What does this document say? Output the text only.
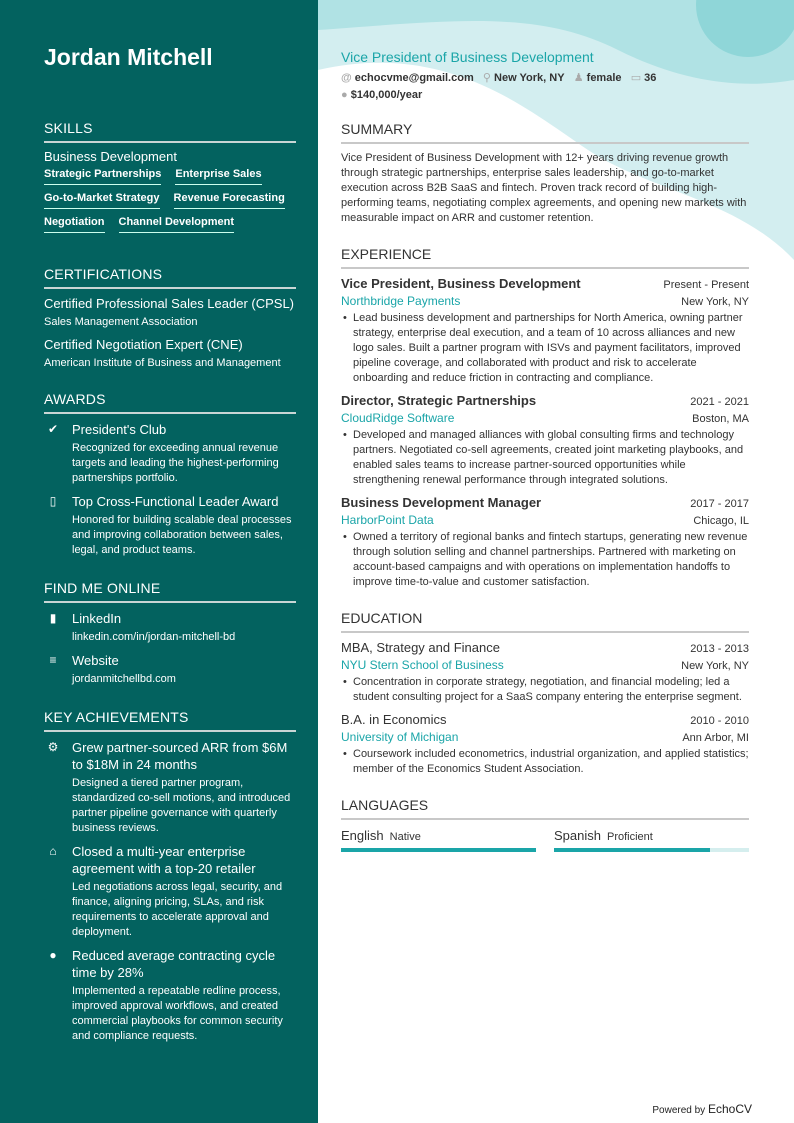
Jordan Mitchell
SKILLS
Business Development
Strategic Partnerships Enterprise Sales
Go-to-Market Strategy Revenue Forecasting
Negotiation Channel Development
CERTIFICATIONS
Certified Professional Sales Leader (CPSL)
Sales Management Association
Certified Negotiation Expert (CNE)
American Institute of Business and Management
AWARDS
✔ President's Club
Recognized for exceeding annual revenue targets and leading the highest-performing partnerships portfolio.
▯ Top Cross-Functional Leader Award
Honored for building scalable deal processes and improving collaboration between sales, legal, and product teams.
FIND ME ONLINE
▮ LinkedIn
linkedin.com/in/jordan-mitchell-bd
≡ Website
jordanmitchellbd.com
KEY ACHIEVEMENTS
⚙ Grew partner-sourced ARR from $6M to $18M in 24 months
Designed a tiered partner program, standardized co-sell motions, and introduced partner pipeline governance with quarterly business reviews.
⌂ Closed a multi-year enterprise agreement with a top-20 retailer
Led negotiations across legal, security, and finance, aligning pricing, SLAs, and risk requirements to accelerate approval and deployment.
● Reduced average contracting cycle time by 28%
Implemented a repeatable redline process, improved approval workflows, and created commercial playbooks for common security and compliance requests.
Vice President of Business Development
@ echocvme@gmail.com ⚲ New York, NY ♟ female ▭ 36
● $140,000/year
SUMMARY
Vice President of Business Development with 12+ years driving revenue growth through strategic partnerships, enterprise sales leadership, and go-to-market execution across B2B SaaS and fintech. Proven track record of building high-performing teams, negotiating complex agreements, and opening new markets with measurable impact on ARR and customer retention.
EXPERIENCE
Vice President, Business Development	Present - Present
Northbridge Payments	New York, NY
• Lead business development and partnerships for North America, owning partner strategy, enterprise deal execution, and a team of 10 across alliances and new logo sales. Built a partner program with ISVs and payment facilitators, improved pipeline coverage, and collaborated with product and risk to accelerate onboarding and reduce friction in contracting and compliance.
Director, Strategic Partnerships	2021 - 2021
CloudRidge Software	Boston, MA
• Developed and managed alliances with global consulting firms and technology partners. Negotiated co-sell agreements, created joint marketing playbooks, and enabled sales teams to increase partner-sourced opportunities while strengthening renewal performance through integrated solutions.
Business Development Manager	2017 - 2017
HarborPoint Data	Chicago, IL
• Owned a territory of regional banks and fintech startups, generating new revenue through solution selling and channel partnerships. Partnered with marketing on account-based campaigns and with operations on implementation handoffs to improve time-to-value and customer satisfaction.
EDUCATION
MBA, Strategy and Finance	2013 - 2013
NYU Stern School of Business	New York, NY
• Concentration in corporate strategy, negotiation, and financial modeling; led a student consulting project for a SaaS company entering the enterprise segment.
B.A. in Economics	2010 - 2010
University of Michigan	Ann Arbor, MI
• Coursework included econometrics, industrial organization, and applied statistics; member of the Economics Student Association.
LANGUAGES
English Native	Spanish Proficient
Powered by EchoCV
